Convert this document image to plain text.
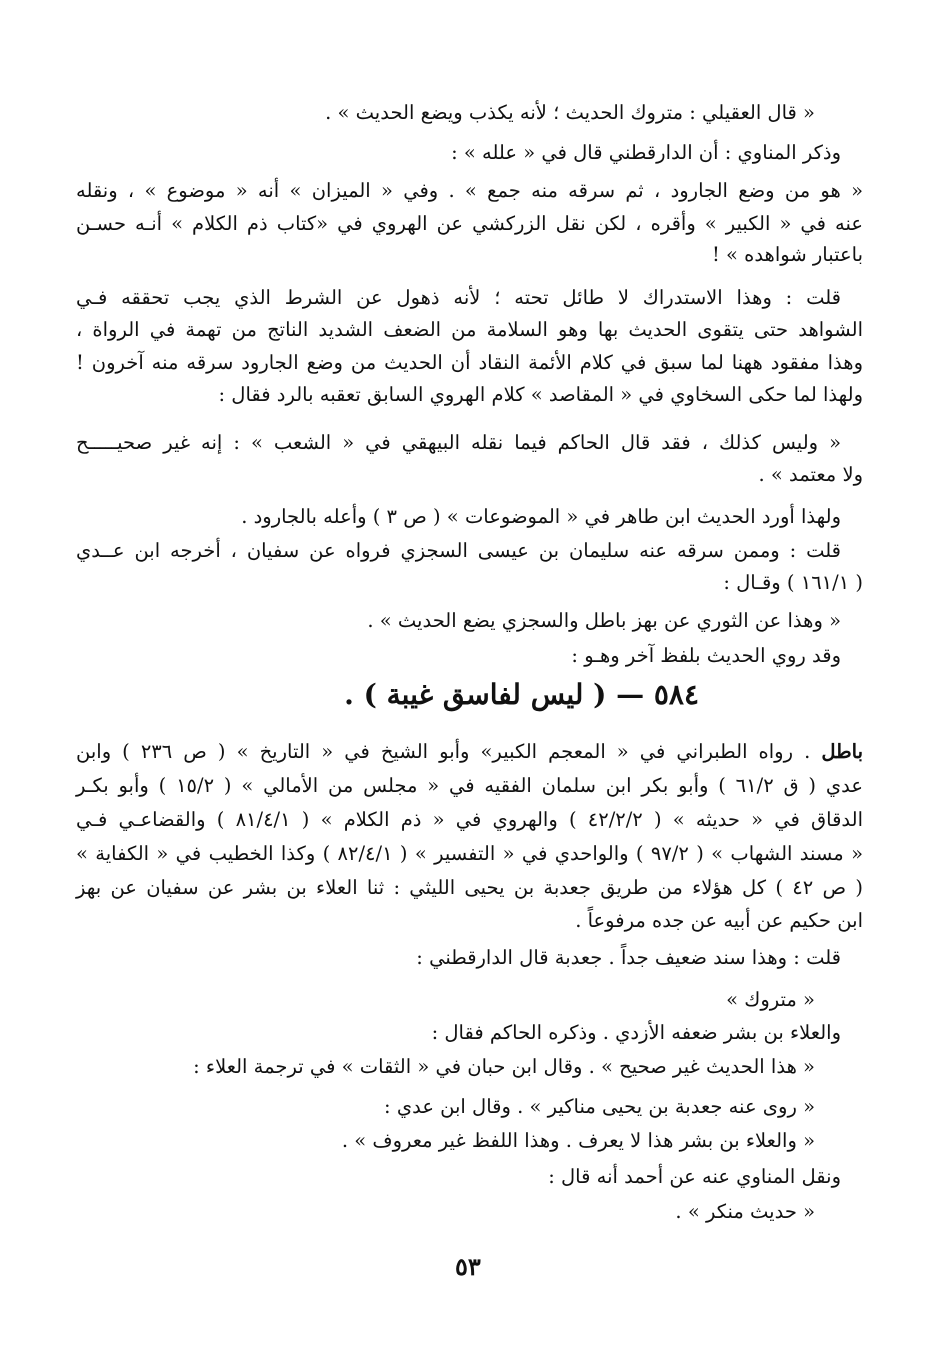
« قال العقيلي : متروك الحديث ؛ لأنه يكذب ويضع الحديث » .
وذكر المناوي : أن الدارقطني قال في « علله » :
« هو من وضع الجارود ، ثم سرقه منه جمع » . وفي « الميزان » أنه « موضوع » ، ونقله
عنه في « الكبير » وأقره ، لكن نقل الزركشي عن الهروي في «كتاب ذم الكلام » أنـه حسـن
باعتبار شواهده » !
قلت : وهذا الاستدراك لا طائل تحته ؛ لأنه ذهول عن الشرط الذي يجب تحققه فـي
الشواهد حتى يتقوى الحديث بها وهو السلامة من الضعف الشديد الناتج من تهمة في الرواة ،
وهذا مفقود ههنا لما سبق في كلام الأئمة النقاد أن الحديث من وضع الجارود سرقه منه آخرون !
ولهذا لما حكى السخاوي في « المقاصد » كلام الهروي السابق تعقبه بالرد فقال :
« وليس كذلك ، فقد قال الحاكم فيما نقله البيهقي في « الشعب » : إنه غير صحيـــــح
ولا معتمد » .
ولهذا أورد الحديث ابن طاهر في « الموضوعات » ( ص ٣ ) وأعله بالجارود .
قلت : وممن سرقه عنه سليمان بن عيسى السجزي فرواه عن سفيان ، أخرجه ابن عــدي
( ١٦١/١ ) وقـال :
« وهذا عن الثوري عن بهز باطل والسجزي يضع الحديث » .
وقد روي الحديث بلفظ آخر وهـو :
٥٨٤ — ( ليس لفاسق غيبة ) .
باطل . رواه الطبراني في « المعجم الكبير» وأبو الشيخ في « التاريخ » ( ص ٢٣٦ ) وابن
عدي ( ق ٦١/٢ ) وأبو بكر ابن سلمان الفقيه في « مجلس من الأمالي » ( ١٥/٢ ) وأبو بكـر
الدقاق في « حديثه » ( ٤٢/٢/٢ ) والهروي في « ذم الكلام » ( ٨١/٤/١ ) والقضاعـي فـي
« مسند الشهاب » ( ٩٧/٢ ) والواحدي في « التفسير » ( ٨٢/٤/١ ) وكذا الخطيب في « الكفاية »
( ص ٤٢ ) كل هؤلاء من طريق جعدبة بن يحيى الليثي : ثنا العلاء بن بشر عن سفيان عن بهز
ابن حكيم عن أبيه عن جده مرفوعاً .
قلت : وهذا سند ضعيف جداً . جعدبة قال الدارقطني :
« متروك »
والعلاء بن بشر ضعفه الأزدي . وذكره الحاكم فقال :
« هذا الحديث غير صحيح » . وقال ابن حبان في « الثقات » في ترجمة العلاء :
« روى عنه جعدبة بن يحيى مناكير » . وقال ابن عدي :
« والعلاء بن بشر هذا لا يعرف . وهذا اللفظ غير معروف » .
ونقل المناوي عنه عن أحمد أنه قال :
« حديث منكر » .
٥٣
